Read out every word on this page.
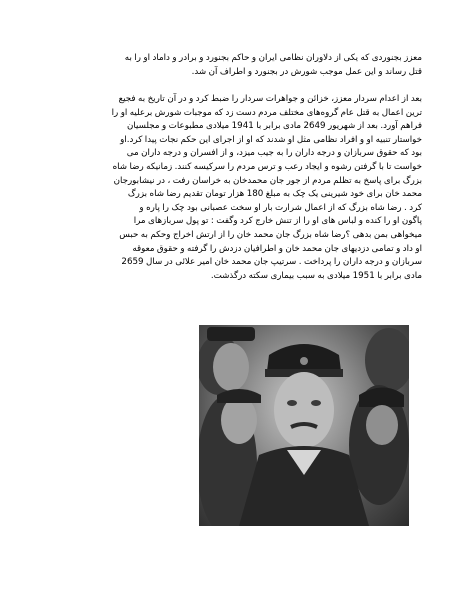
معزز بجنوردی که یکی از دلاوران نظامی ایران و حاکم بجنورد و برادر و داماد او را به
قتل رساند و این عمل موجب شورش در بجنورد و اطراف آن شد.
بعد از اعدام سردار معزز، خزائن و جواهرات سردار را ضبط کرد و در آن تاریخ به فجیع
ترین اعمال به قتل عام گروه‌های مختلف مردم دست زد که موجبات شورش برعلیه او را
فراهم آورد. بعد از شهریور 2649 مادی برابر با 1941 میلادی مطبوعات و مجلسیان
خواستار تنبیه او و افراد نظامی مثل او شدند که او از اجرای این حکم نجات پیدا کرد.او
بود که حقوق سربازان و درجه داران را به جیب میزد، و از افسران و درجه داران می
خواست تا با گرفتن رشوه و ایجاد رعب و ترس مردم را سرکیسه کنند. زمانیکه رضا شاه
بزرگ برای پاسخ به تظلم مردم از جور جان محمدخان به خراسان رفت ، در نیشابورجان
محمد خان برای خود شیرینی یک چک به مبلغ 180 هزار تومان تقدیم رضا شاه بزرگ
کرد . رضا شاه بزرگ که از اعمال شرارت بار او سخت عصبانی بود چک را پاره و
پاگون او را کنده و لباس های او را از تنش خارج کرد وگفت : تو پول سربازهای مرا
میخواهی بمن بدهی ؟رضا شاه بزرگ جان محمد خان را از ارتش اخراج وحکم به حبس
او داد و تمامی دزدیهای جان محمد خان و اطرافیان دزدش را گرفته و حقوق معوقه
سربازان و درجه داران را پرداخت . سرتیپ جان محمد خان امیر علائی در سال 2659
مادی برابر با 1951 میلادی به سبب بیماری سکته درگذشت.
